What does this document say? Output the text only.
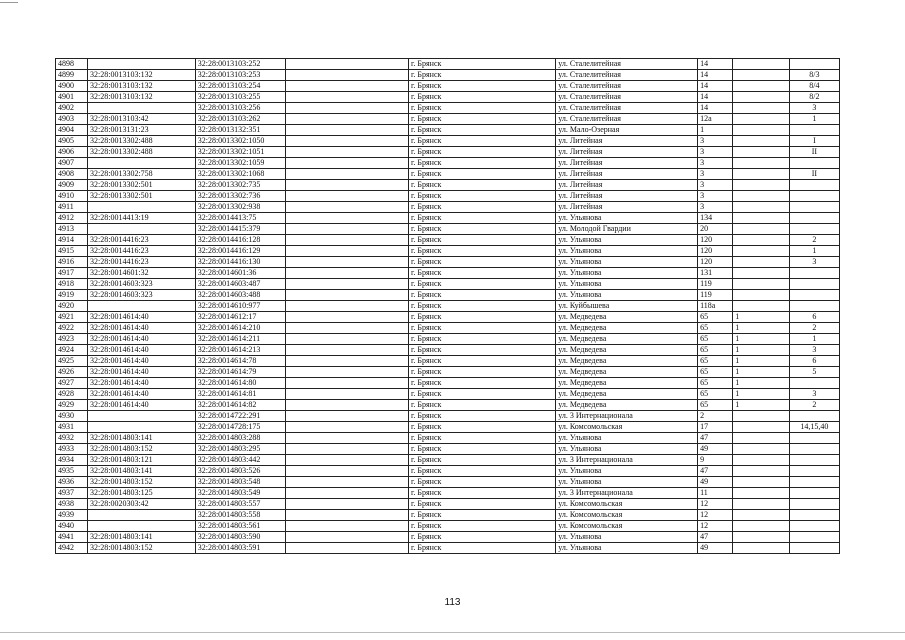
4898		32:28:0013103:252		г. Брянск	ул. Сталелитейная	14		
4899	32:28:0013103:132	32:28:0013103:253		г. Брянск	ул. Сталелитейная	14		8/3
4900	32:28:0013103:132	32:28:0013103:254		г. Брянск	ул. Сталелитейная	14		8/4
4901	32:28:0013103:132	32:28:0013103:255		г. Брянск	ул. Сталелитейная	14		8/2
4902		32:28:0013103:256		г. Брянск	ул. Сталелитейная	14		3
4903	32:28:0013103:42	32:28:0013103:262		г. Брянск	ул. Сталелитейная	12а		1
4904	32:28:0013131:23	32:28:0013132:351		г. Брянск	ул. Мало-Озерная	1		
4905	32:28:0013302:488	32:28:0013302:1050		г. Брянск	ул. Литейная	3		I
4906	32:28:0013302:488	32:28:0013302:1051		г. Брянск	ул. Литейная	3		II
4907		32:28:0013302:1059		г. Брянск	ул. Литейная	3		
4908	32:28:0013302:758	32:28:0013302:1068		г. Брянск	ул. Литейная	3		II
4909	32:28:0013302:501	32:28:0013302:735		г. Брянск	ул. Литейная	3		
4910	32:28:0013302:501	32:28:0013302:736		г. Брянск	ул. Литейная	3		
4911		32:28:0013302:938		г. Брянск	ул. Литейная	3		
4912	32:28:0014413:19	32:28:0014413:75		г. Брянск	ул. Ульянова	134		
4913		32:28:0014415:379		г. Брянск	ул. Молодой Гвардии	20		
4914	32:28:0014416:23	32:28:0014416:128		г. Брянск	ул. Ульянова	120		2
4915	32:28:0014416:23	32:28:0014416:129		г. Брянск	ул. Ульянова	120		1
4916	32:28:0014416:23	32:28:0014416:130		г. Брянск	ул. Ульянова	120		3
4917	32:28:0014601:32	32:28:0014601:36		г. Брянск	ул. Ульянова	131		
4918	32:28:0014603:323	32:28:0014603:487		г. Брянск	ул. Ульянова	119		
4919	32:28:0014603:323	32:28:0014603:488		г. Брянск	ул. Ульянова	119		
4920		32:28:0014610:977		г. Брянск	ул. Куйбышева	118а		
4921	32:28:0014614:40	32:28:0014612:17		г. Брянск	ул. Медведева	65	1	6
4922	32:28:0014614:40	32:28:0014614:210		г. Брянск	ул. Медведева	65	1	2
4923	32:28:0014614:40	32:28:0014614:211		г. Брянск	ул. Медведева	65	1	1
4924	32:28:0014614:40	32:28:0014614:213		г. Брянск	ул. Медведева	65	1	3
4925	32:28:0014614:40	32:28:0014614:78		г. Брянск	ул. Медведева	65	1	6
4926	32:28:0014614:40	32:28:0014614:79		г. Брянск	ул. Медведева	65	1	5
4927	32:28:0014614:40	32:28:0014614:80		г. Брянск	ул. Медведева	65	1	
4928	32:28:0014614:40	32:28:0014614:81		г. Брянск	ул. Медведева	65	1	3
4929	32:28:0014614:40	32:28:0014614:82		г. Брянск	ул. Медведева	65	1	2
4930		32:28:0014722:291		г. Брянск	ул. 3 Интернационала	2		
4931		32:28:0014728:175		г. Брянск	ул. Комсомольская	17		14,15,40
4932	32:28:0014803:141	32:28:0014803:288		г. Брянск	ул. Ульянова	47		
4933	32:28:0014803:152	32:28:0014803:295		г. Брянск	ул. Ульянова	49		
4934	32:28:0014803:121	32:28:0014803:442		г. Брянск	ул. 3 Интернационала	9		
4935	32:28:0014803:141	32:28:0014803:526		г. Брянск	ул. Ульянова	47		
4936	32:28:0014803:152	32:28:0014803:548		г. Брянск	ул. Ульянова	49		
4937	32:28:0014803:125	32:28:0014803:549		г. Брянск	ул. 3 Интернационала	11		
4938	32:28:0020303:42	32:28:0014803:557		г. Брянск	ул. Комсомольская	12		
4939		32:28:0014803:558		г. Брянск	ул. Комсомольская	12		
4940		32:28:0014803:561		г. Брянск	ул. Комсомольская	12		
4941	32:28:0014803:141	32:28:0014803:590		г. Брянск	ул. Ульянова	47		
4942	32:28:0014803:152	32:28:0014803:591		г. Брянск	ул. Ульянова	49		
113
